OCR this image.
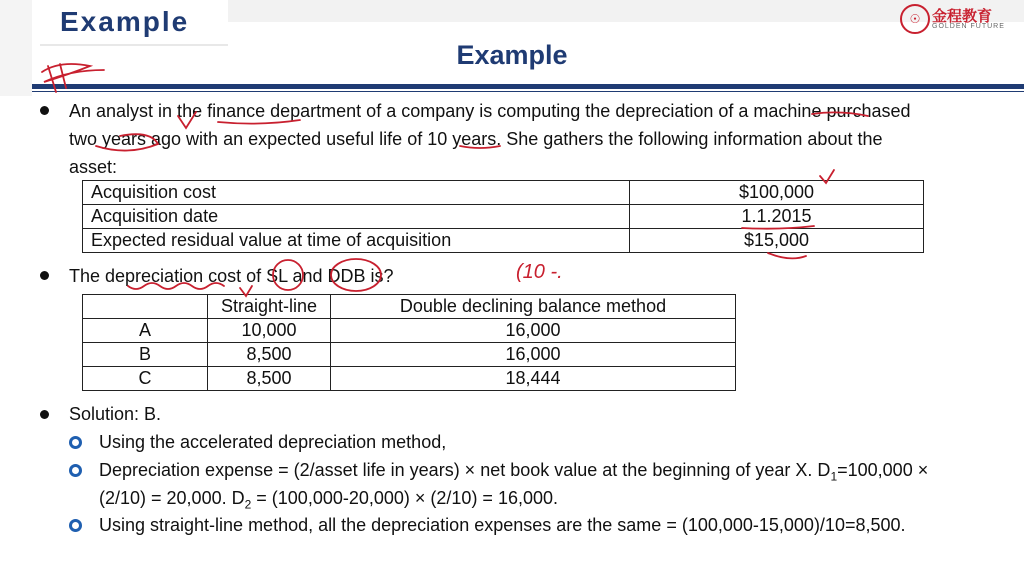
Example	☉ 金程教育
GOLDEN FUTURE
Example
An analyst in the finance department of a company is computing the depreciation of a machine purchased
two years ago with an expected useful life of 10 years. She gathers the following information about the
asset:
Acquisition cost	$100,000
Acquisition date	1.1.2015
Expected residual value at time of acquisition	$15,000
The depreciation cost of SL and DDB is?	(10 -.
	Straight-line	Double declining balance method
A	10,000	16,000
B	8,500	16,000
C	8,500	18,444
Solution: B.
Using the accelerated depreciation method,
Depreciation expense = (2/asset life in years) × net book value at the beginning of year X. $D_1=100,000$ ×
(2/10) = 20,000. $D_2 = (100,000-20,000) \times (2/10) = 16,000$.
Using straight-line method, all the depreciation expenses are the same = (100,000-15,000)/10=8,500.
